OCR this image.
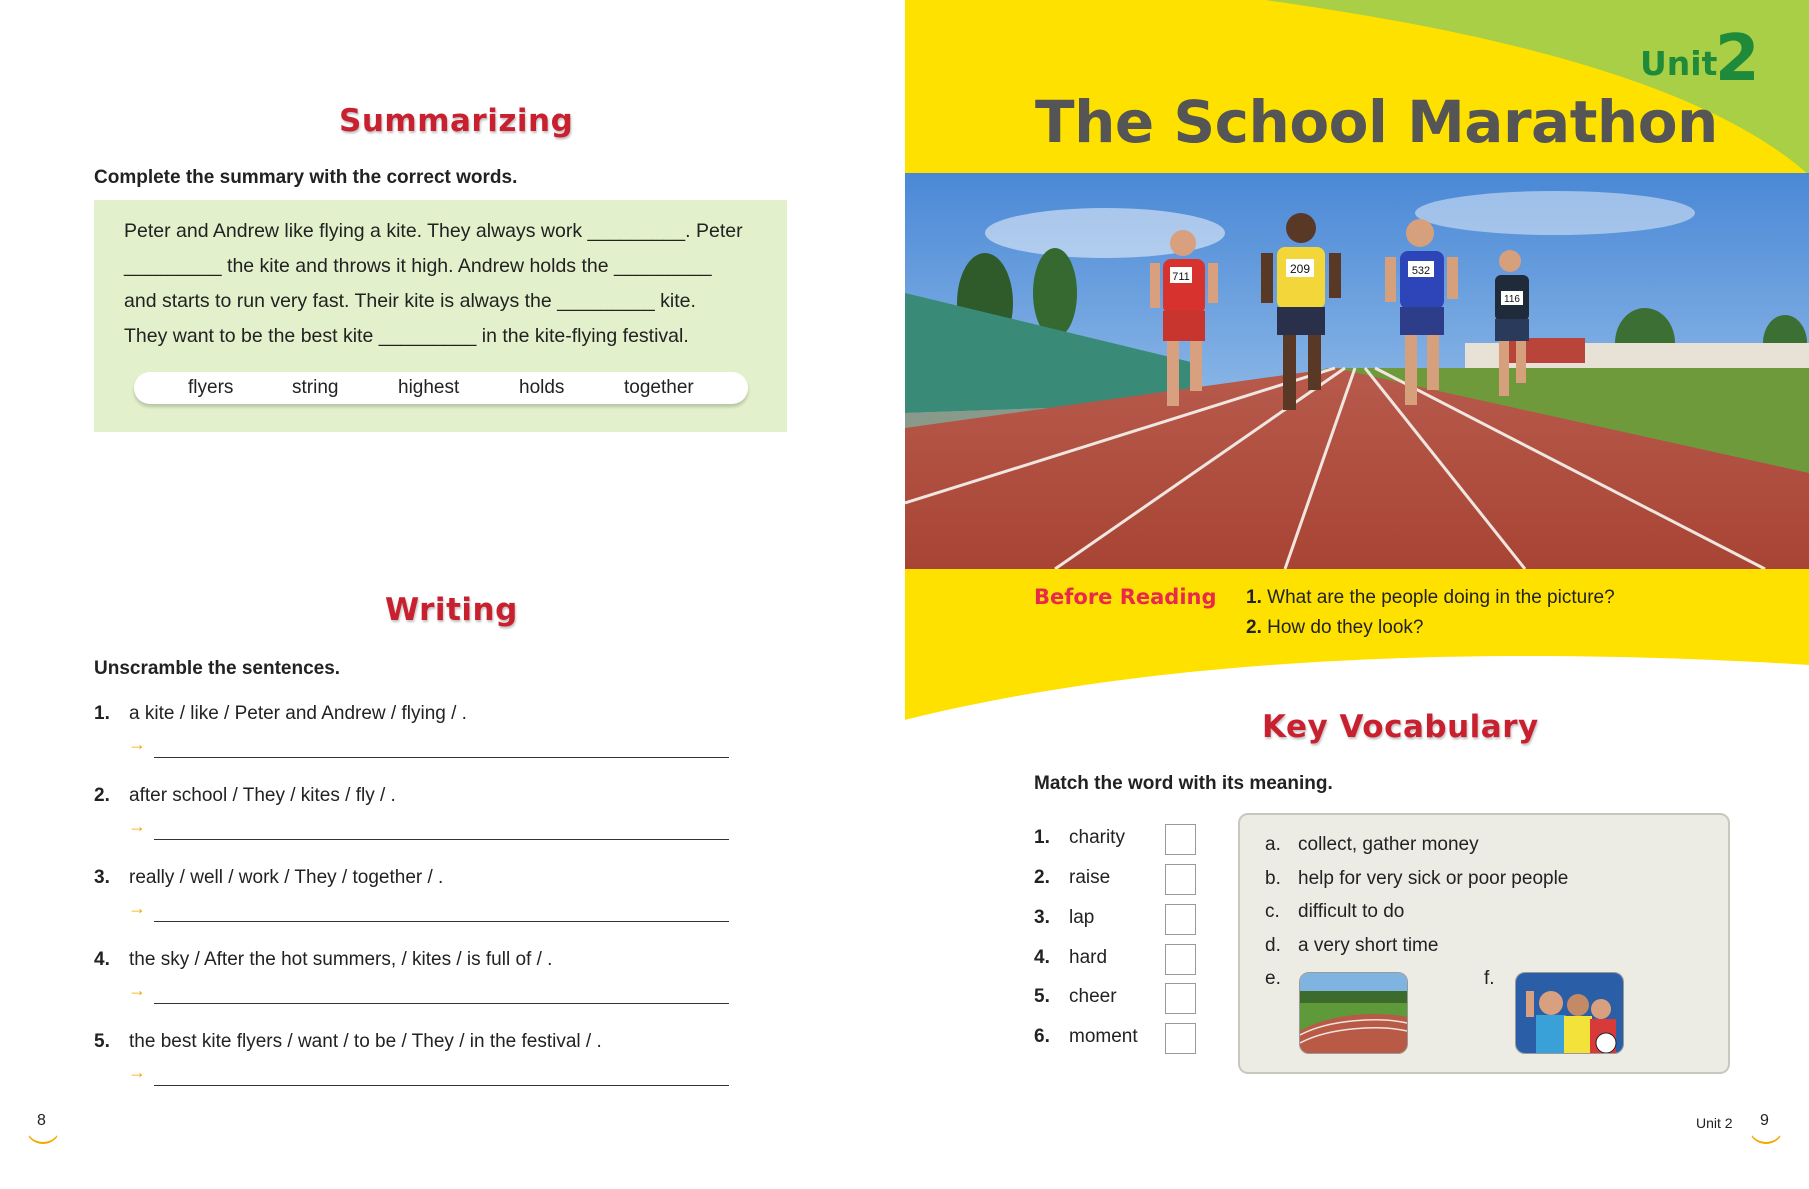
Summarizing
Complete the summary with the correct words.
Peter and Andrew like flying a kite. They always work _________. Peter
_________ the kite and throws it high. Andrew holds the _________
and starts to run very fast. Their kite is always the _________ kite.
They want to be the best kite _________ in the kite-flying festival.
flyers	string	highest	holds	together
Writing
Unscramble the sentences.
1. a kite / like / Peter and Andrew / flying / .
→
2. after school / They / kites / fly / .
→
3. really / well / work / They / together / .
→
4. the sky / After the hot summers, / kites / is full of / .
→
5. the best kite flyers / want / to be / They / in the festival / .
→
8
Unit
2
The School Marathon
711
209	532
116
Before Reading 1. What are the people doing in the picture?
2. How do they look?
Key Vocabulary
Match the word with its meaning.
1. charity
2. raise
3. lap
4. hard
5. cheer
6. moment
a. collect, gather money
b. help for very sick or poor people
c. difficult to do
d. a very short time
e.	f.
Unit 2 9
